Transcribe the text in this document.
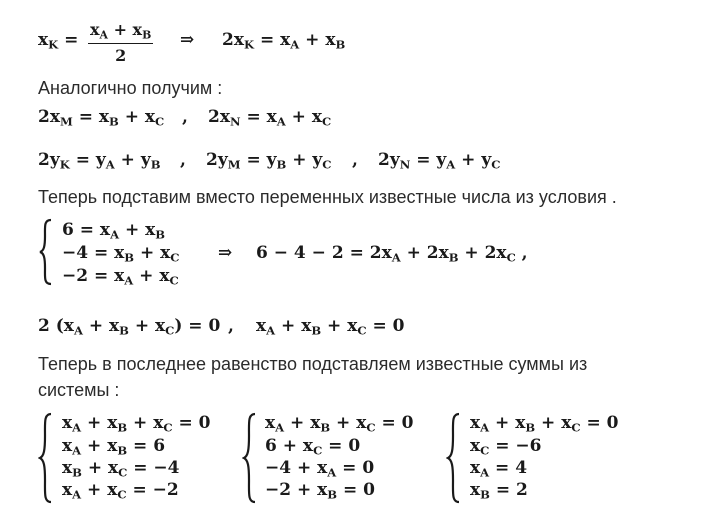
$x_K$ =
$x_A + x_B$
2
⇒ $2x_K = x_A + x_B$
Аналогично получим :
$2x_M = x_B + x_C$ , $2x_N = x_A + x_C$
$2y_K = y_A + y_B$ , $2y_M = y_B + y_C$ , $2y_N = y_A + y_C$
Теперь подставим вместо переменных известные числа из условия .
$6 = x_A + x_B$
$-4 = x_B + x_C$
$-2 = x_A + x_C$
⇒ $6 - 4 - 2 = 2x_A + 2x_B + 2x_C$ ,
2 $(x_A + x_B + x_C) = 0$ , $x_A + x_B + x_C = 0$
Теперь в последнее равенство подставляем известные суммы из
системы :
$x_A + x_B + x_C = 0$
$x_A + x_B = 6$
$x_B + x_C = -4$
$x_A + x_C = -2$
$x_A + x_B + x_C = 0$
$6 + x_C = 0$
$-4 + x_A = 0$
$-2 + x_B = 0$
$x_A + x_B + x_C = 0$
$x_C = -6$
$x_A = 4$
$x_B = 2$
